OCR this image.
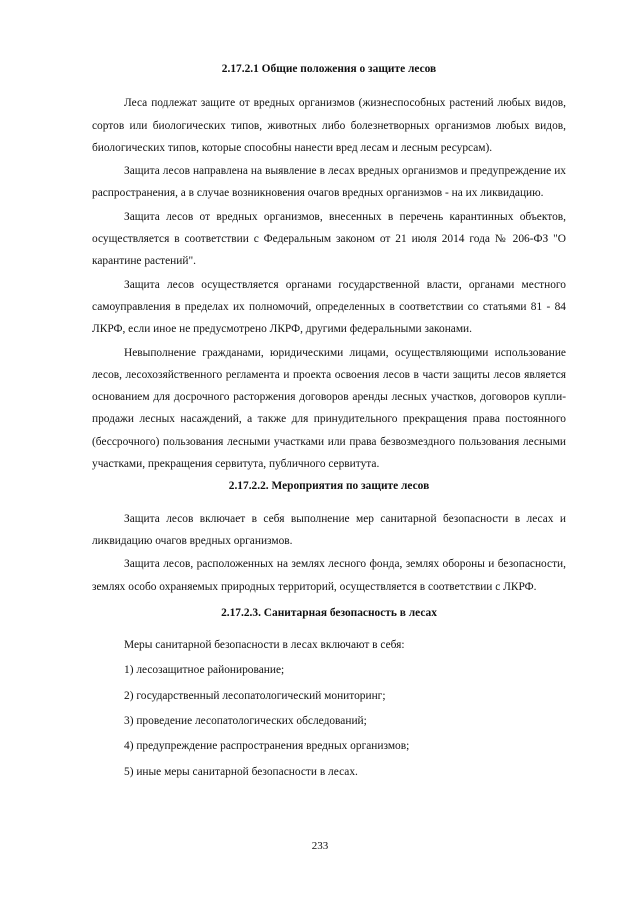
2.17.2.1 Общие положения о защите лесов

Леса подлежат защите от вредных организмов (жизнеспособных растений любых видов, сортов или биологических типов, животных либо болезнетворных организмов любых видов, биологических типов, которые способны нанести вред лесам и лесным ресурсам).

Защита лесов направлена на выявление в лесах вредных организмов и предупреждение их распространения, а в случае возникновения очагов вредных организмов - на их ликвидацию.

Защита лесов от вредных организмов, внесенных в перечень карантинных объектов, осуществляется в соответствии с Федеральным законом от 21 июля 2014 года № 206-ФЗ "О карантине растений".

Защита лесов осуществляется органами государственной власти, органами местного самоуправления в пределах их полномочий, определенных в соответствии со статьями 81 - 84 ЛКРФ, если иное не предусмотрено ЛКРФ, другими федеральными законами.

Невыполнение гражданами, юридическими лицами, осуществляющими использование лесов, лесохозяйственного регламента и проекта освоения лесов в части защиты лесов является основанием для досрочного расторжения договоров аренды лесных участков, договоров купли-продажи лесных насаждений, а также для принудительного прекращения права постоянного (бессрочного) пользования лесными участками или права безвозмездного пользования лесными участками, прекращения сервитута, публичного сервитута.

2.17.2.2. Мероприятия по защите лесов

Защита лесов включает в себя выполнение мер санитарной безопасности в лесах и ликвидацию очагов вредных организмов.

Защита лесов, расположенных на землях лесного фонда, землях обороны и безопасности, землях особо охраняемых природных территорий, осуществляется в соответствии с ЛКРФ.

2.17.2.3. Санитарная безопасность в лесах

Меры санитарной безопасности в лесах включают в себя:

1) лесозащитное районирование;
2) государственный лесопатологический мониторинг;
3) проведение лесопатологических обследований;
4) предупреждение распространения вредных организмов;
5) иные меры санитарной безопасности в лесах.
233
